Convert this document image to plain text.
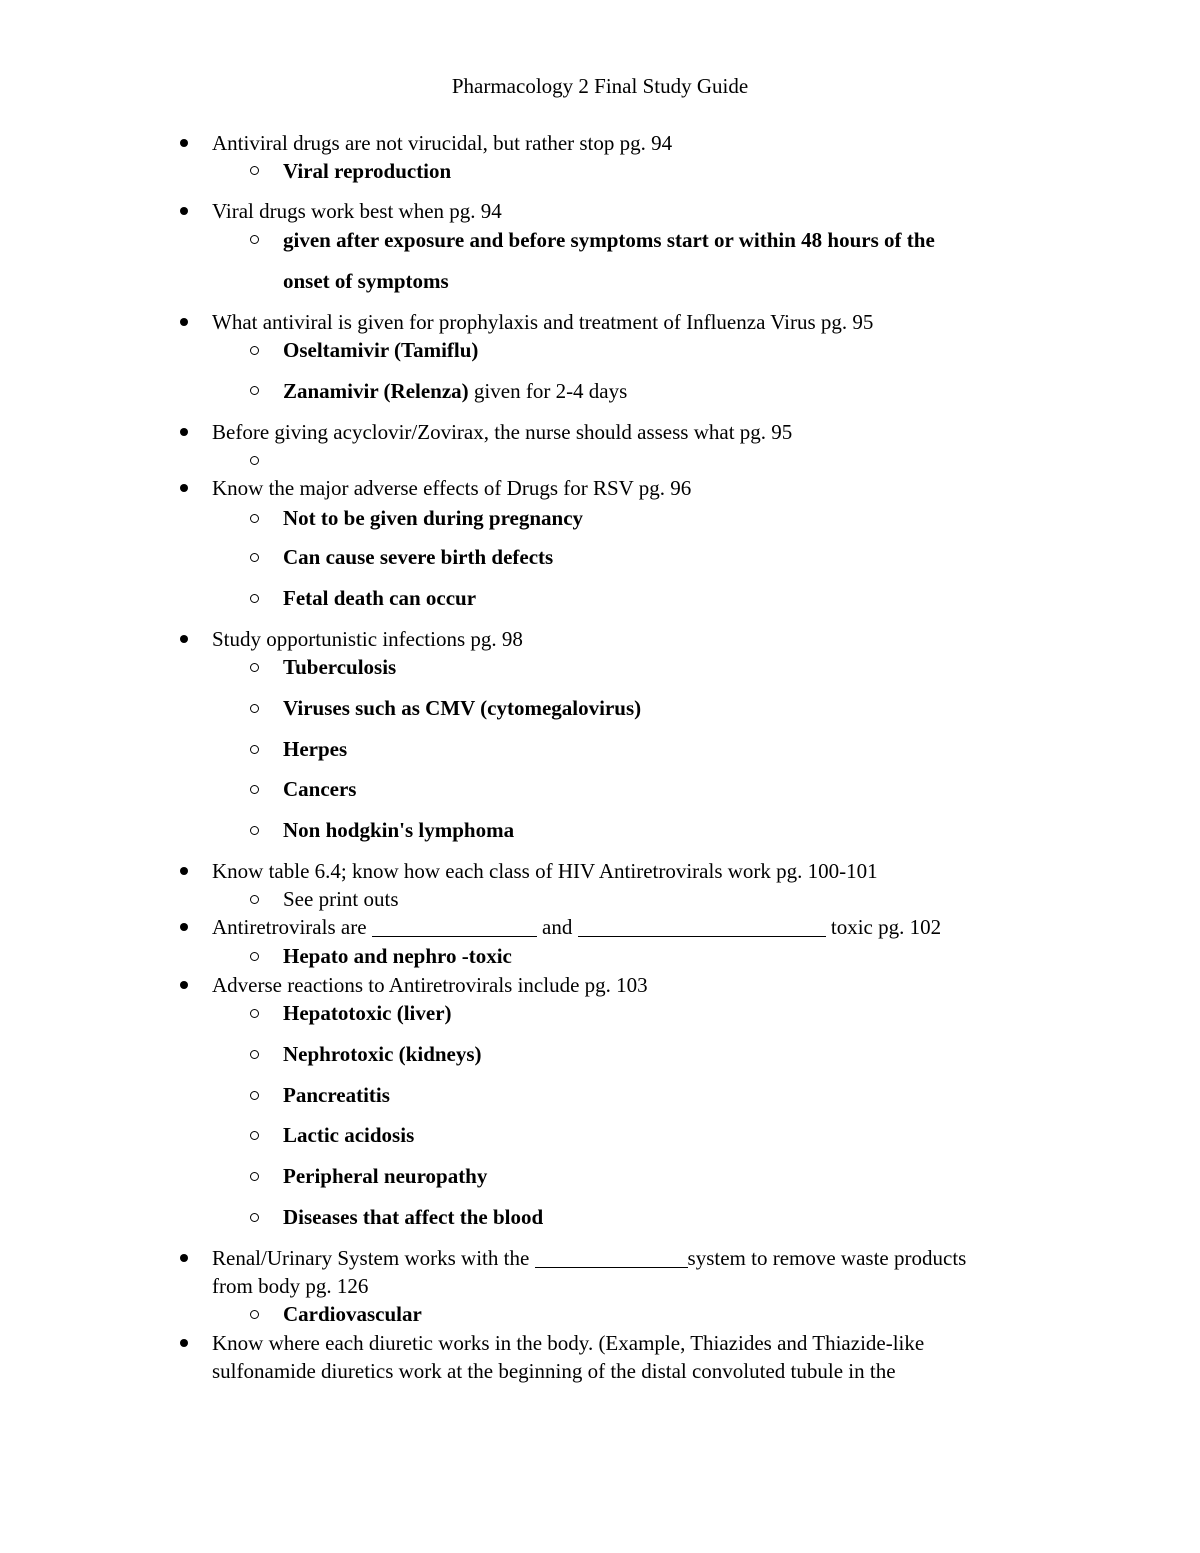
Pharmacology 2 Final Study Guide
Antiviral drugs are not virucidal, but rather stop pg. 94
Viral reproduction
Viral drugs work best when pg. 94
given after exposure and before symptoms start or within 48 hours of the
onset of symptoms
What antiviral is given for prophylaxis and treatment of Influenza Virus pg. 95
Oseltamivir (Tamiflu)
Zanamivir (Relenza) given for 2-4 days
Before giving acyclovir/Zovirax, the nurse should assess what pg. 95
Know the major adverse effects of Drugs for RSV pg. 96
Not to be given during pregnancy
Can cause severe birth defects
Fetal death can occur
Study opportunistic infections pg. 98
Tuberculosis
Viruses such as CMV (cytomegalovirus)
Herpes
Cancers
Non hodgkin's lymphoma
Know table 6.4; know how each class of HIV Antiretrovirals work pg. 100-101
See print outs
Antiretrovirals are	and	toxic pg. 102
Hepato and nephro -toxic
Adverse reactions to Antiretrovirals include pg. 103
Hepatotoxic (liver)
Nephrotoxic (kidneys)
Pancreatitis
Lactic acidosis
Peripheral neuropathy
Diseases that affect the blood
Renal/Urinary System works with the	system to remove waste products
from body pg. 126
Cardiovascular
Know where each diuretic works in the body. (Example, Thiazides and Thiazide-like
sulfonamide diuretics work at the beginning of the distal convoluted tubule in the
